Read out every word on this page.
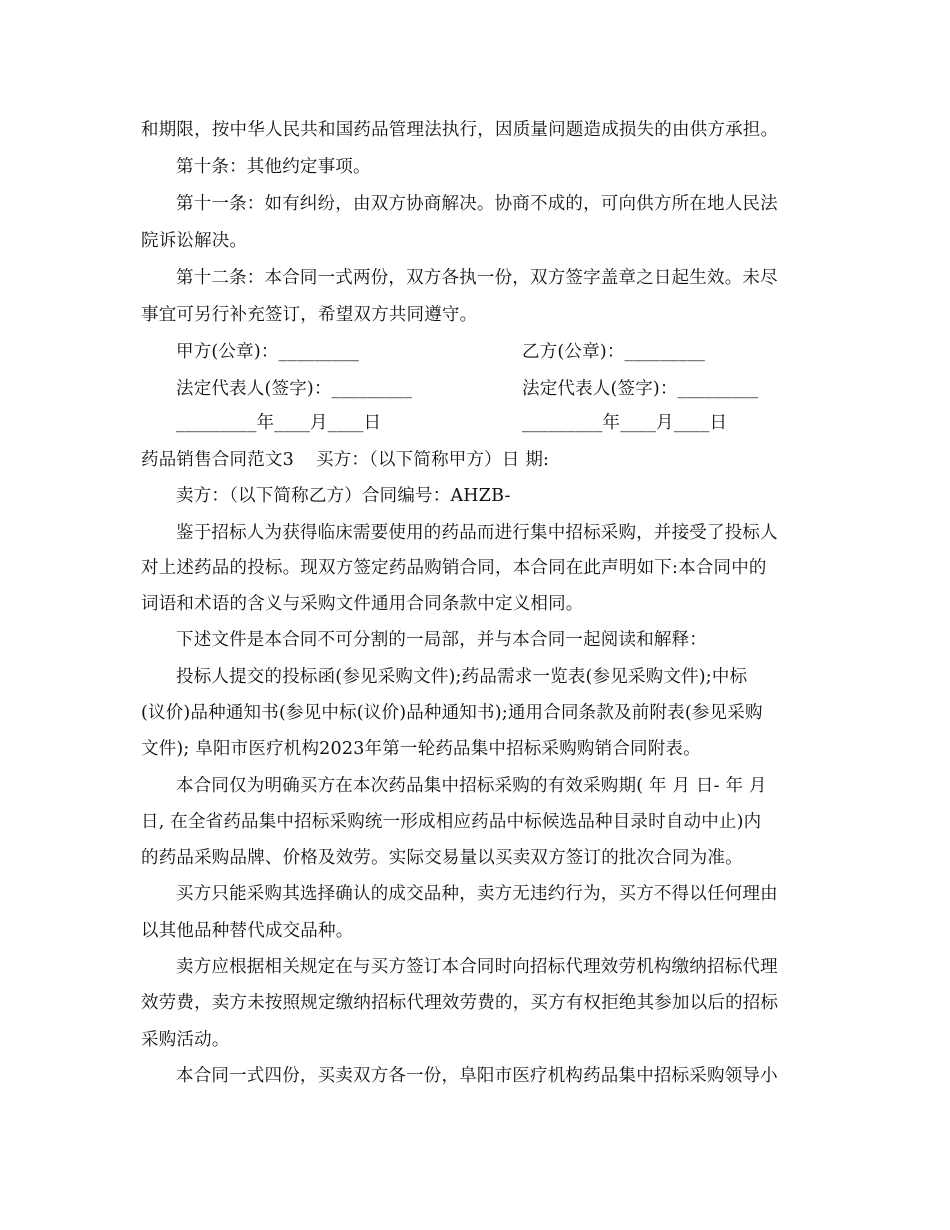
和期限，按中华人民共和国药品管理法执行，因质量问题造成损失的由供方承担。
第十条：其他约定事项。
第十一条：如有纠纷，由双方协商解决。协商不成的，可向供方所在地人民法
院诉讼解决。
第十二条：本合同一式两份，双方各执一份，双方签字盖章之日起生效。未尽
事宜可另行补充签订，希望双方共同遵守。
甲方(公章)：_________	乙方(公章)：_________
法定代表人(签字)：_________	法定代表人(签字)：_________
_________年____月____日	_________年____月____日
药品销售合同范文3 买方：（以下简称甲方）日 期:
卖方：（以下简称乙方）合同编号：AHZB-
鉴于招标人为获得临床需要使用的药品而进行集中招标采购，并接受了投标人
对上述药品的投标。现双方签定药品购销合同，本合同在此声明如下:本合同中的
词语和术语的含义与采购文件通用合同条款中定义相同。
下述文件是本合同不可分割的一局部，并与本合同一起阅读和解释：
投标人提交的投标函(参见采购文件);药品需求一览表(参见采购文件);中标
(议价)品种通知书(参见中标(议价)品种通知书);通用合同条款及前附表(参见采购
文件); 阜阳市医疗机构2023年第一轮药品集中招标采购购销合同附表。
本合同仅为明确买方在本次药品集中招标采购的有效采购期( 年 月 日- 年 月
日, 在全省药品集中招标采购统一形成相应药品中标候选品种目录时自动中止)内
的药品采购品牌、价格及效劳。实际交易量以买卖双方签订的批次合同为准。
买方只能采购其选择确认的成交品种，卖方无违约行为，买方不得以任何理由
以其他品种替代成交品种。
卖方应根据相关规定在与买方签订本合同时向招标代理效劳机构缴纳招标代理
效劳费，卖方未按照规定缴纳招标代理效劳费的，买方有权拒绝其参加以后的招标
采购活动。
本合同一式四份，买卖双方各一份，阜阳市医疗机构药品集中招标采购领导小
